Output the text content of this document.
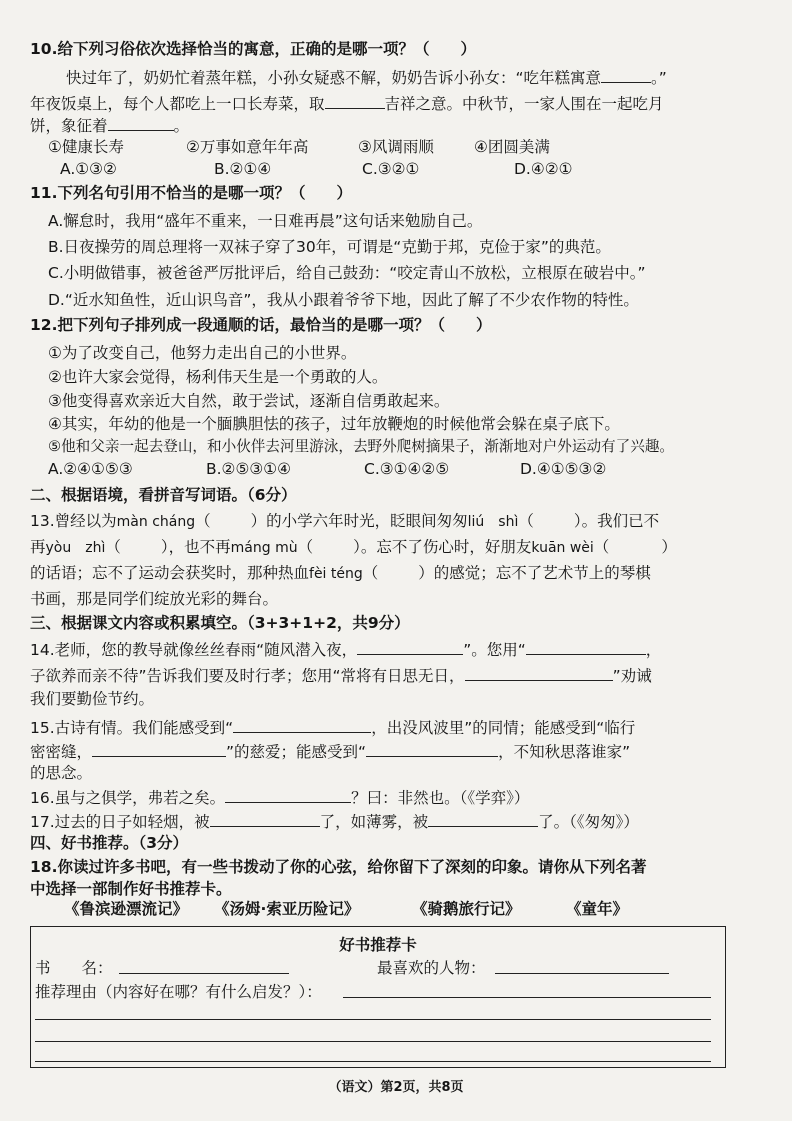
10.给下列习俗依次选择恰当的寓意，正确的是哪一项？（　　）
快过年了，奶奶忙着蒸年糕，小孙女疑惑不解，奶奶告诉小孙女：“吃年糕寓意	。”
年夜饭桌上，每个人都吃上一口长寿菜，取	吉祥之意。中秋节，一家人围在一起吃月
饼，象征着	。
①健康长寿	②万事如意年年高	③风调雨顺	④团圆美满
A.①③②	B.②①④	C.③②①	D.④②①
11.下列名句引用不恰当的是哪一项？（　　）
A.懈怠时，我用“盛年不重来，一日难再晨”这句话来勉励自己。
B.日夜操劳的周总理将一双袜子穿了30年，可谓是“克勤于邦，克俭于家”的典范。
C.小明做错事，被爸爸严厉批评后，给自己鼓劲：“咬定青山不放松，立根原在破岩中。”
D.“近水知鱼性，近山识鸟音”，我从小跟着爷爷下地，因此了解了不少农作物的特性。
12.把下列句子排列成一段通顺的话，最恰当的是哪一项？（　　）
①为了改变自己，他努力走出自己的小世界。
②也许大家会觉得，杨利伟天生是一个勇敢的人。
③他变得喜欢亲近大自然，敢于尝试，逐渐自信勇敢起来。
④其实，年幼的他是一个腼腆胆怯的孩子，过年放鞭炮的时候他常会躲在桌子底下。
⑤他和父亲一起去登山，和小伙伴去河里游泳，去野外爬树摘果子，渐渐地对户外运动有了兴趣。
A.②④①⑤③	B.②⑤③①④	C.③①④②⑤	D.④①⑤③②
二、根据语境，看拼音写词语。（6分）
13.曾经以为màn cháng（	）的小学六年时光，眨眼间匆匆liú　shì（	）。我们已不
再yòu　zhì（	），也不再máng mù（	）。忘不了伤心时，好朋友kuān wèi（	）
的话语；忘不了运动会获奖时，那种热血fèi téng（	）的感觉；忘不了艺术节上的琴棋
书画，那是同学们绽放光彩的舞台。
三、根据课文内容或积累填空。（3+3+1+2，共9分）
14.老师，您的教导就像丝丝春雨“随风潜入夜，	”。您用“	，
子欲养而亲不待”告诉我们要及时行孝；您用“常将有日思无日，	”劝诫
我们要勤俭节约。
15.古诗有情。我们能感受到“	，出没风波里”的同情；能感受到“临行
密密缝，	”的慈爱；能感受到“	，不知秋思落谁家”
的思念。
16.虽与之俱学，弗若之矣。	？曰：非然也。（《学弈》）
17.过去的日子如轻烟，被	了，如薄雾，被	了。（《匆匆》）
四、好书推荐。（3分）
18.你读过许多书吧，有一些书拨动了你的心弦，给你留下了深刻的印象。请你从下列名著
中选择一部制作好书推荐卡。
《鲁滨逊漂流记》 《汤姆·索亚历险记》	《骑鹅旅行记》	《童年》
好书推荐卡
书　　名：	最喜欢的人物：
推荐理由（内容好在哪？有什么启发？）：
（语文）第2页，共8页
